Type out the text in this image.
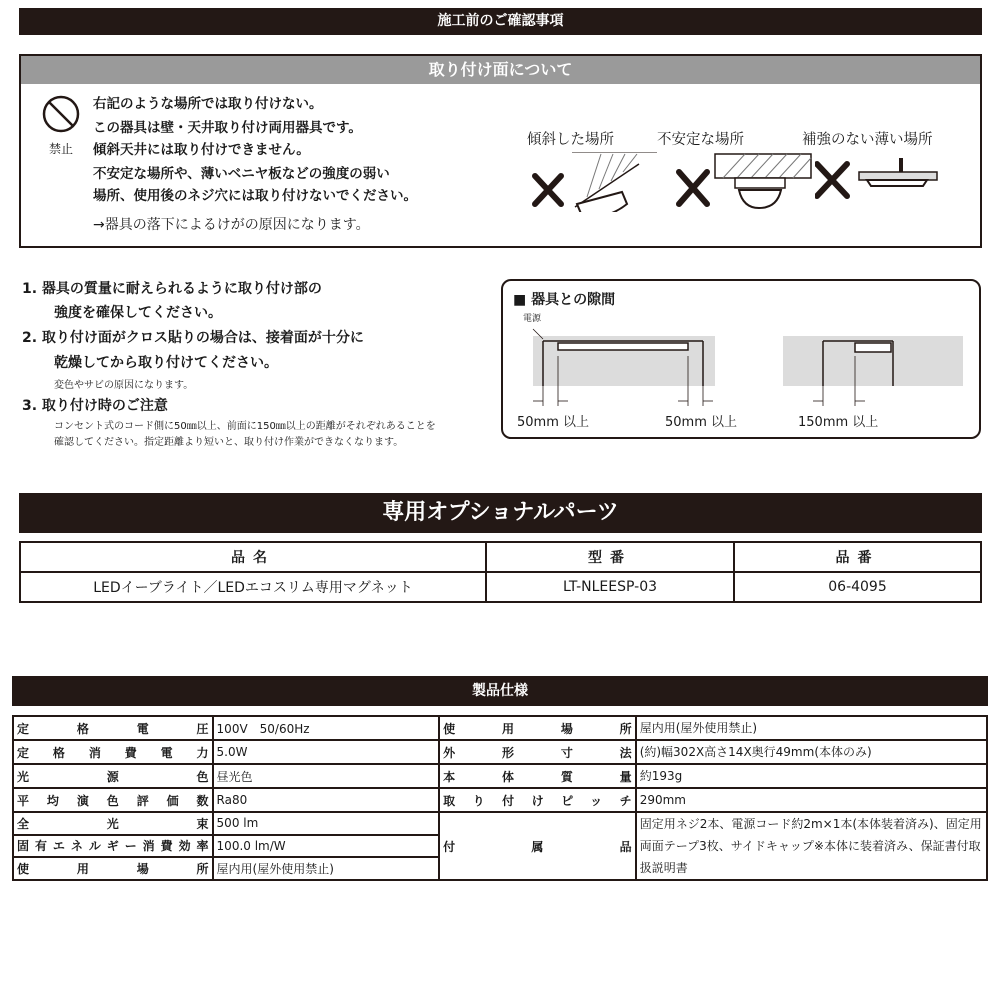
施工前のご確認事項
取り付け面について
禁止
右記のような場所では取り付けない。
この器具は壁・天井取り付け両用器具です。
傾斜天井には取り付けできません。
不安定な場所や、薄いベニヤ板などの強度の弱い
場所、使用後のネジ穴には取り付けないでください。
→器具の落下によるけがの原因になります。
傾斜した場所	不安定な場所	補強のない薄い場所
1. 器具の質量に耐えられるように取り付け部の
強度を確保してください。
2. 取り付け面がクロス貼りの場合は、接着面が十分に
乾燥してから取り付けてください。
変色やサビの原因になります。
3. 取り付け時のご注意
コンセント式のコード側に50㎜以上、前面に150㎜以上の距離がそれぞれあることを
確認してください。指定距離より短いと、取り付け作業ができなくなります。
■ 器具との隙間
電源
50mm 以上	50mm 以上	150mm 以上
専用オプショナルパーツ
品名	型番	品番
LEDイーブライト／LEDエコスリム専用マグネット	LT-NLEESP-03	06-4095
製品仕様
定格電圧	100V　50/60Hz	使用場所	屋内用(屋外使用禁止)
定格消費電力	5.0W	外形寸法	(約)幅302X高さ14X奥行49mm(本体のみ)
光源色	昼光色	本体質量	約193g
平均演色評価数	Ra80	取り付けピッチ	290mm
全光束	500 lm	付属品	固定用ネジ2本、電源コード約2m×1本(本体装着済み)、固定用両面テープ3枚、サイドキャップ※本体に装着済み、保証書付取扱説明書
固有エネルギー消費効率	100.0 lm/W		
使用場所	屋内用(屋外使用禁止)		
